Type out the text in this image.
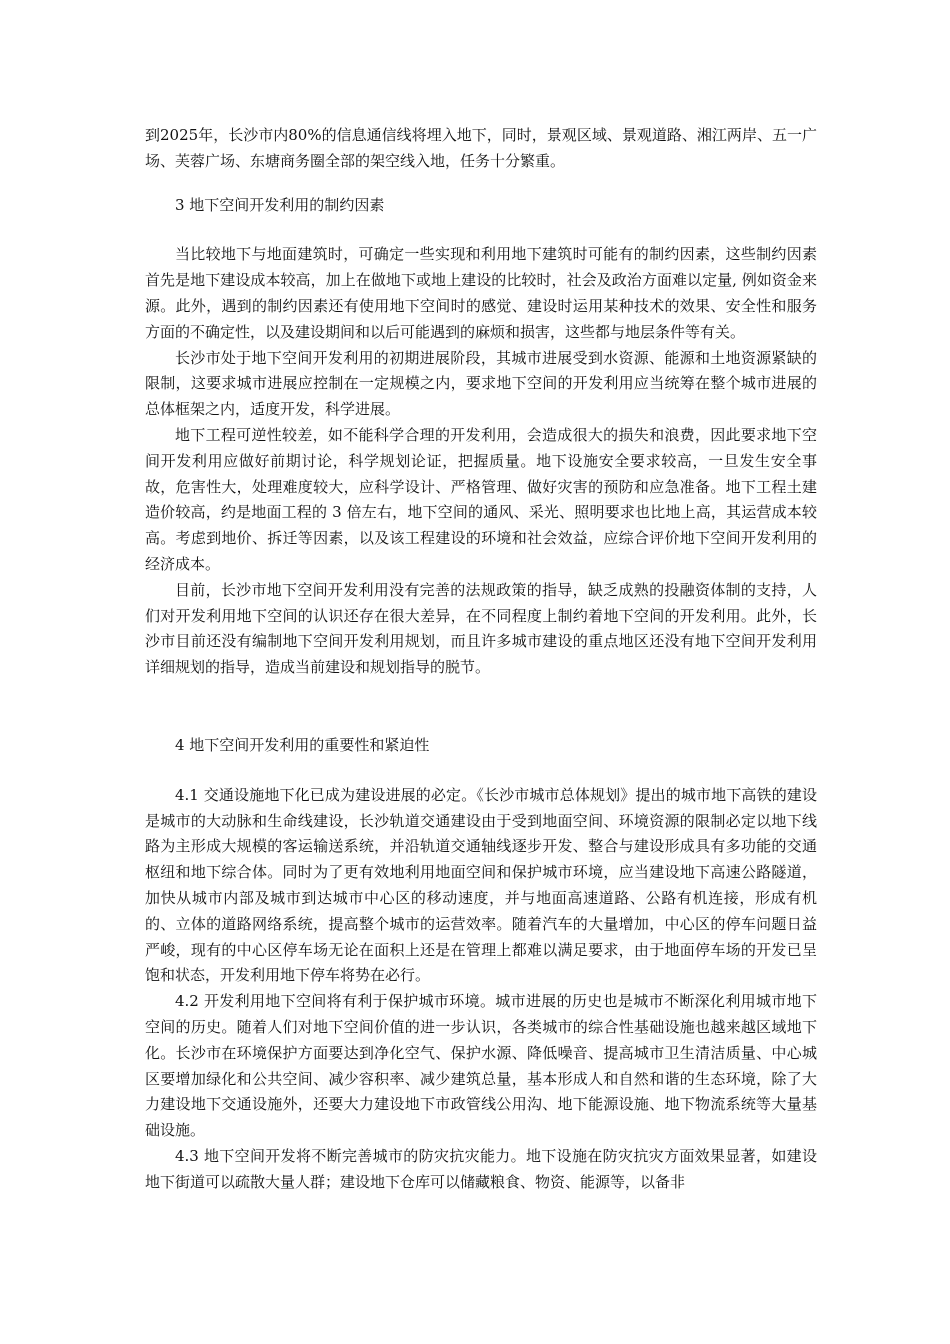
到2025年，长沙市内80%的信息通信线将埋入地下，同时，景观区域、景观道路、湘江两岸、五一广场、芙蓉广场、东塘商务圈全部的架空线入地，任务十分繁重。

3 地下空间开发利用的制约因素

当比较地下与地面建筑时，可确定一些实现和利用地下建筑时可能有的制约因素，这些制约因素首先是地下建设成本较高，加上在做地下或地上建设的比较时，社会及政治方面难以定量, 例如资金来源。此外，遇到的制约因素还有使用地下空间时的感觉、建设时运用某种技术的效果、安全性和服务方面的不确定性，以及建设期间和以后可能遇到的麻烦和损害，这些都与地层条件等有关。

长沙市处于地下空间开发利用的初期进展阶段，其城市进展受到水资源、能源和土地资源紧缺的限制，这要求城市进展应控制在一定规模之内，要求地下空间的开发利用应当统筹在整个城市进展的总体框架之内，适度开发，科学进展。

地下工程可逆性较差，如不能科学合理的开发利用，会造成很大的损失和浪费，因此要求地下空间开发利用应做好前期讨论，科学规划论证，把握质量。地下设施安全要求较高，一旦发生安全事故，危害性大，处理难度较大，应科学设计、严格管理、做好灾害的预防和应急准备。地下工程土建造价较高，约是地面工程的 3 倍左右，地下空间的通风、采光、照明要求也比地上高，其运营成本较高。考虑到地价、拆迁等因素，以及该工程建设的环境和社会效益，应综合评价地下空间开发利用的经济成本。

目前，长沙市地下空间开发利用没有完善的法规政策的指导，缺乏成熟的投融资体制的支持，人们对开发利用地下空间的认识还存在很大差异，在不同程度上制约着地下空间的开发利用。此外，长沙市目前还没有编制地下空间开发利用规划，而且许多城市建设的重点地区还没有地下空间开发利用详细规划的指导，造成当前建设和规划指导的脱节。

4 地下空间开发利用的重要性和紧迫性

4.1 交通设施地下化已成为建设进展的必定。《长沙市城市总体规划》提出的城市地下高铁的建设是城市的大动脉和生命线建设，长沙轨道交通建设由于受到地面空间、环境资源的限制必定以地下线路为主形成大规模的客运输送系统，并沿轨道交通轴线逐步开发、整合与建设形成具有多功能的交通枢纽和地下综合体。同时为了更有效地利用地面空间和保护城市环境，应当建设地下高速公路隧道，加快从城市内部及城市到达城市中心区的移动速度，并与地面高速道路、公路有机连接，形成有机的、立体的道路网络系统，提高整个城市的运营效率。随着汽车的大量增加，中心区的停车问题日益严峻，现有的中心区停车场无论在面积上还是在管理上都难以满足要求，由于地面停车场的开发已呈饱和状态，开发利用地下停车将势在必行。

4.2 开发利用地下空间将有利于保护城市环境。城市进展的历史也是城市不断深化利用城市地下空间的历史。随着人们对地下空间价值的进一步认识，各类城市的综合性基础设施也越来越区域地下化。长沙市在环境保护方面要达到净化空气、保护水源、降低噪音、提高城市卫生清洁质量、中心城区要增加绿化和公共空间、减少容积率、减少建筑总量，基本形成人和自然和谐的生态环境，除了大力建设地下交通设施外，还要大力建设地下市政管线公用沟、地下能源设施、地下物流系统等大量基础设施。

4.3 地下空间开发将不断完善城市的防灾抗灾能力。地下设施在防灾抗灾方面效果显著，如建设地下街道可以疏散大量人群；建设地下仓库可以储藏粮食、物资、能源等，以备非
